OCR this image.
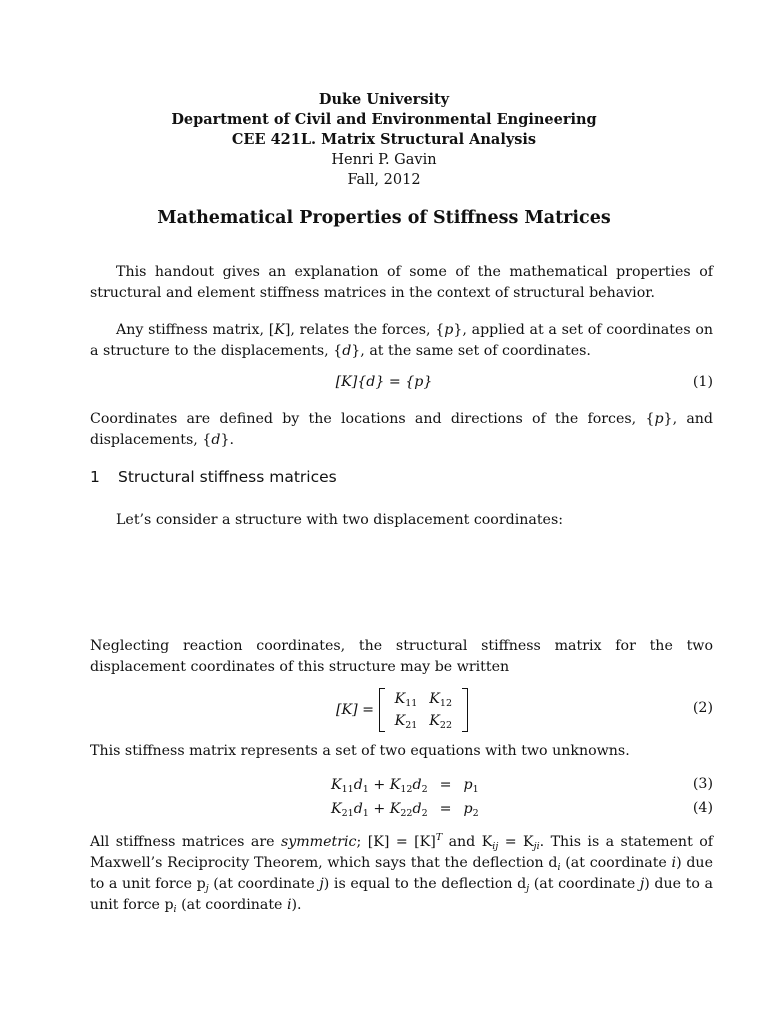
Duke University
Department of Civil and Environmental Engineering
CEE 421L. Matrix Structural Analysis
Henri P. Gavin
Fall, 2012
Mathematical Properties of Stiffness Matrices
This handout gives an explanation of some of the mathematical properties of structural and element stiffness matrices in the context of structural behavior.
Any stiffness matrix, [K], relates the forces, {p}, applied at a set of coordinates on a structure to the displacements, {d}, at the same set of coordinates.
[K]{d} = {p}	(1)
Coordinates are defined by the locations and directions of the forces, {p}, and displacements, {d}.
1 Structural stiffness matrices
Let’s consider a structure with two displacement coordinates:
Neglecting reaction coordinates, the structural stiffness matrix for the two displacement coordinates of this structure may be written
[K] =
$K_{11}$	$K_{12}$
$K_{21}$	$K_{22}$
(2)
This stiffness matrix represents a set of two equations with two unknowns.
$K_{11}d_1 + K_{12}d_2$	=	$p_1$
$K_{21}d_1 + K_{22}d_2$	=	$p_2$
(3)
(4)
All stiffness matrices are symmetric; $[K] = [K]^T$ and $K_{ij} = K_{ji}$. This is a statement of Maxwell’s Reciprocity Theorem, which says that the deflection $d_i$ (at coordinate i) due to a unit force $p_j$ (at coordinate j) is equal to the deflection $d_j$ (at coordinate j) due to a unit force $p_i$ (at coordinate i).
